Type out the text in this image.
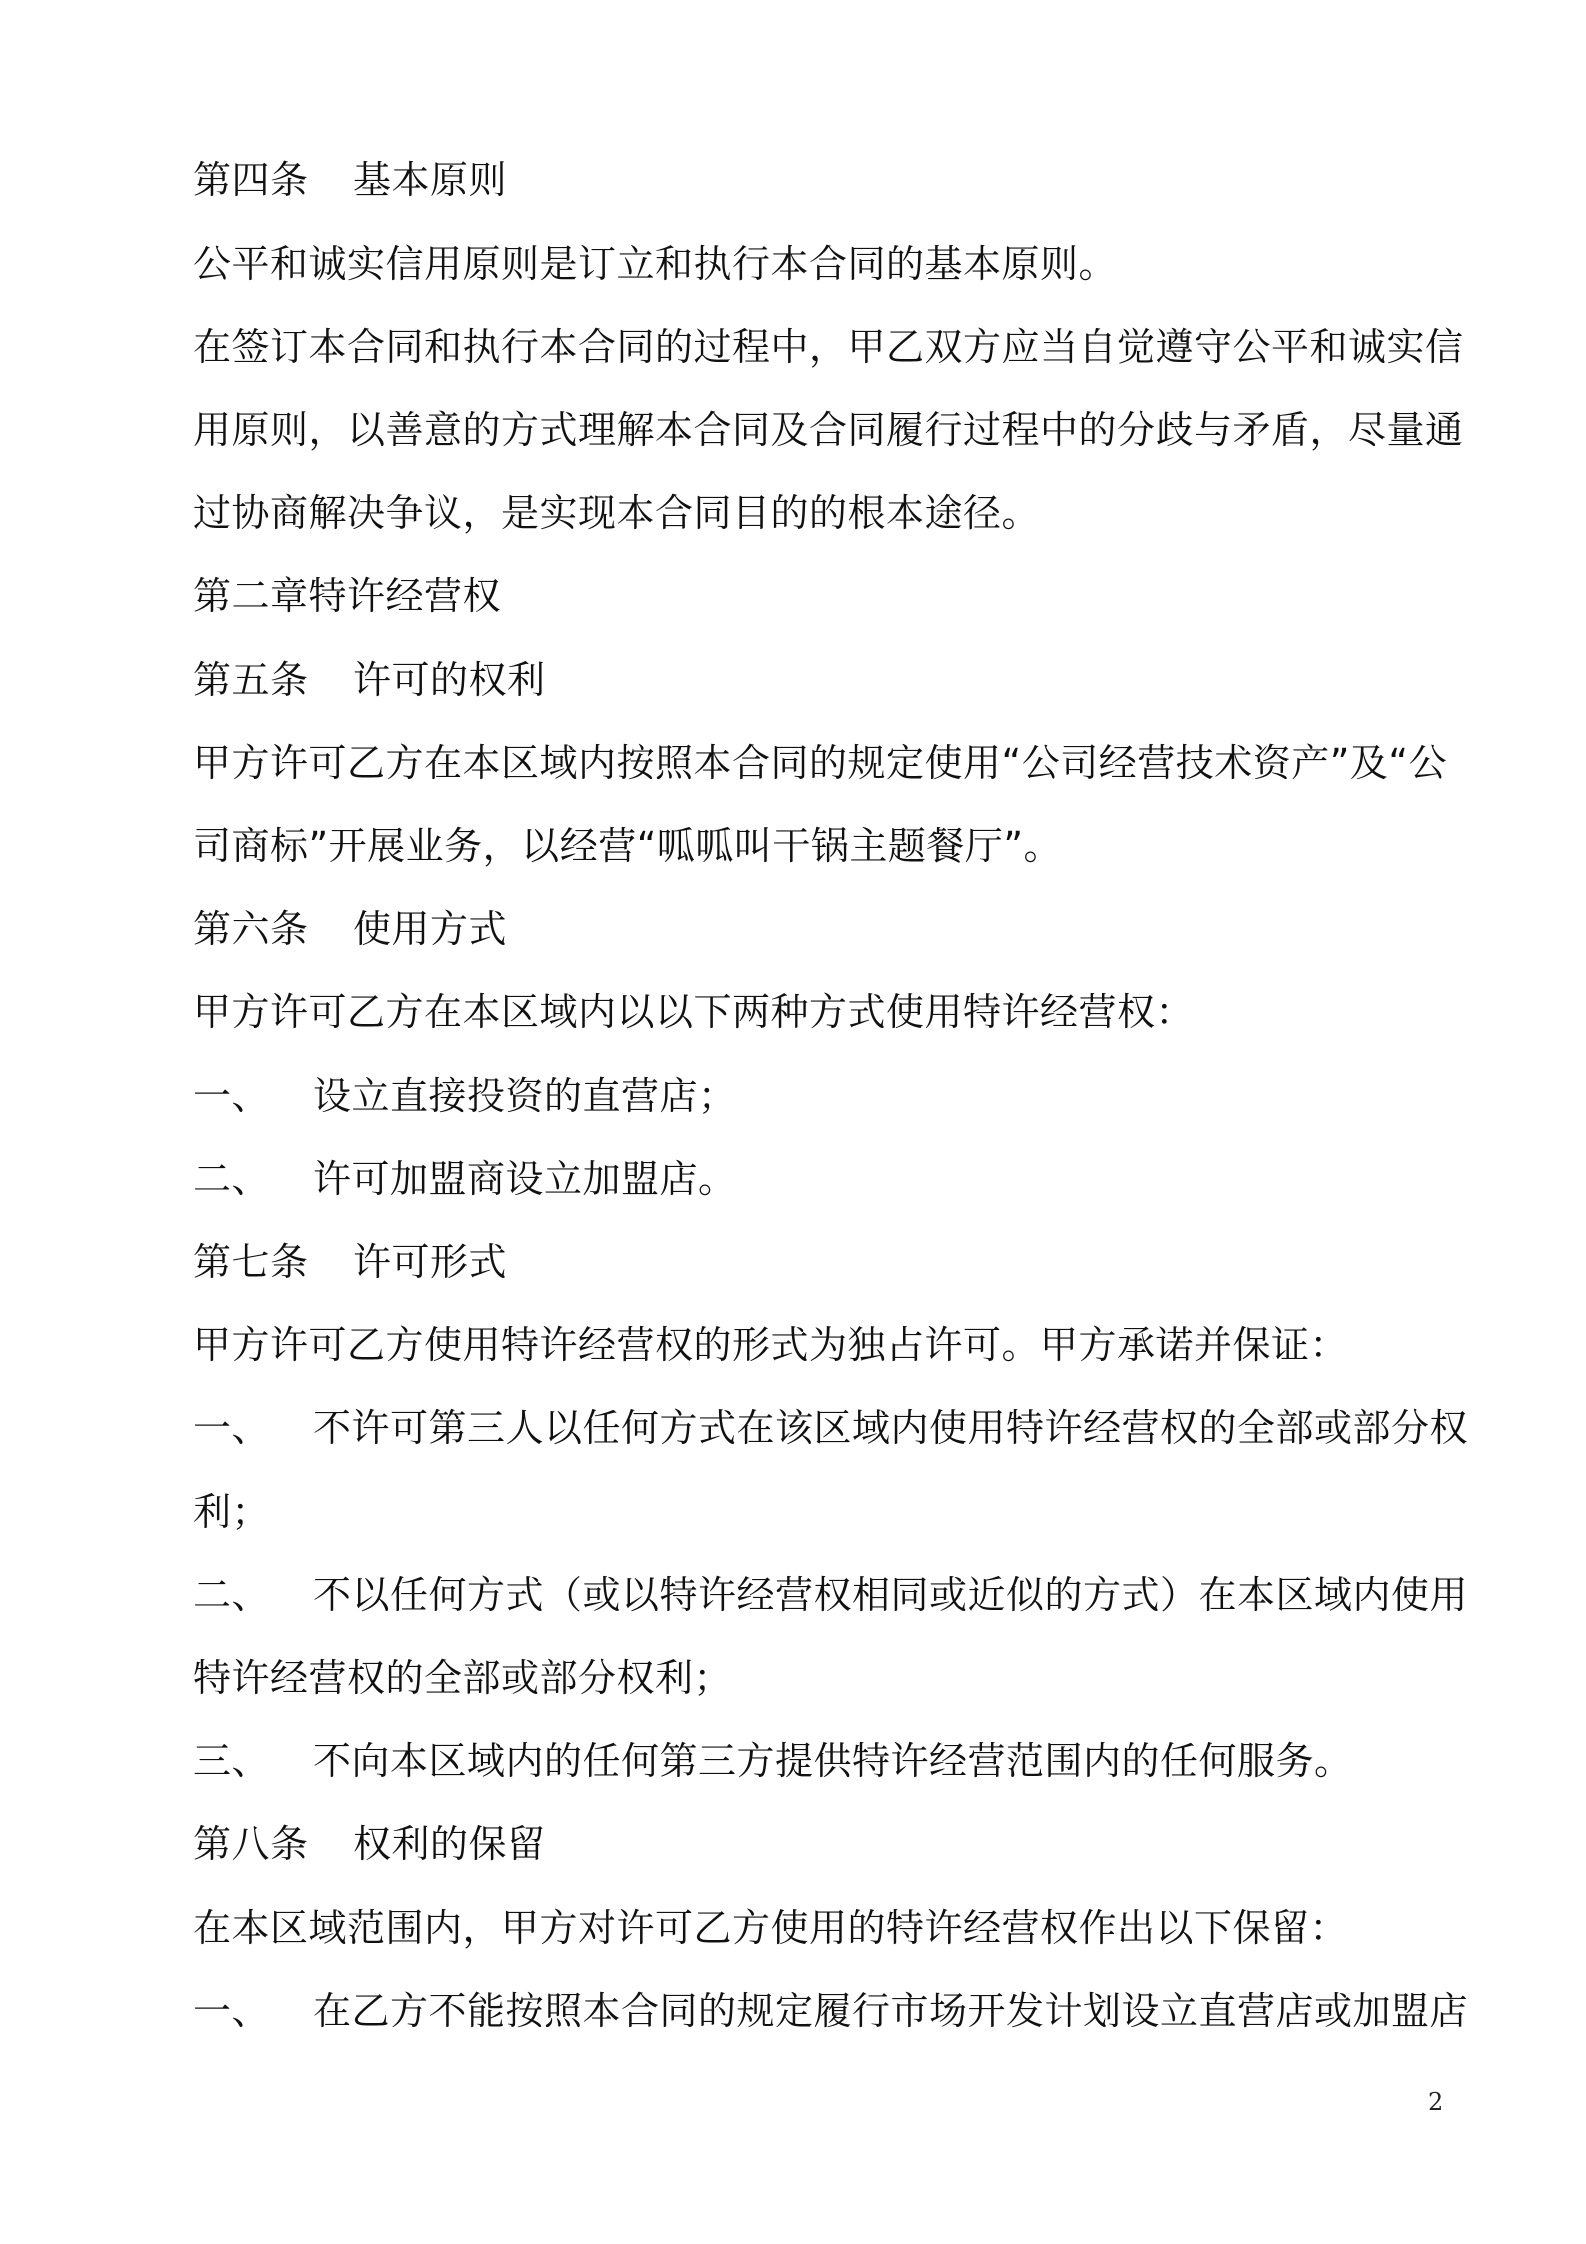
第四条 基本原则
公平和诚实信用原则是订立和执行本合同的基本原则。
在签订本合同和执行本合同的过程中，甲乙双方应当自觉遵守公平和诚实信
用原则，以善意的方式理解本合同及合同履行过程中的分歧与矛盾，尽量通
过协商解决争议，是实现本合同目的的根本途径。
第二章特许经营权
第五条 许可的权利
甲方许可乙方在本区域内按照本合同的规定使用“公司经营技术资产”及“公
司商标”开展业务，以经营“呱呱叫干锅主题餐厅”。
第六条 使用方式
甲方许可乙方在本区域内以以下两种方式使用特许经营权：
一、 设立直接投资的直营店；
二、 许可加盟商设立加盟店。
第七条 许可形式
甲方许可乙方使用特许经营权的形式为独占许可。甲方承诺并保证：
一、 不许可第三人以任何方式在该区域内使用特许经营权的全部或部分权
利；
二、 不以任何方式（或以特许经营权相同或近似的方式）在本区域内使用
特许经营权的全部或部分权利；
三、 不向本区域内的任何第三方提供特许经营范围内的任何服务。
第八条 权利的保留
在本区域范围内，甲方对许可乙方使用的特许经营权作出以下保留：
一、 在乙方不能按照本合同的规定履行市场开发计划设立直营店或加盟店
2
